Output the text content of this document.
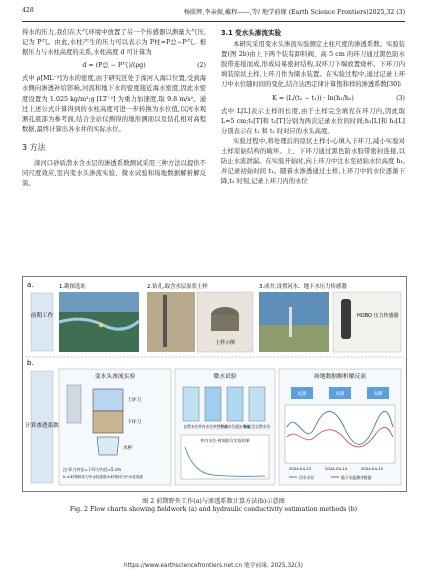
428	杨朕辉,李亲振,戴程——,等/ 地学前缘 (Earth Science Frontiers)2025,32 (3)

得水的压力,我们在大气环境中放置了另一个传感器以测量大气压,记为 P气。由此,水柱产生的压力可以表示为 P柱=P总−P气。根据压力与水柱高度的关系,水柱高度 d 可计算为

d = (P总 − P气)/(ρg)	(2)

式中 ρ[ML⁻³]为水的密度,由于研究区处于滦河入海口位置,受到海水侧向渗透补给影响,河流和地下水的密度接近海水密度,因此水密度设置为 1.025 kg/m³;g [LT⁻²] 为重力加速度,取 9.8 m/s²。通过上述公式计算得到的水柱高度可进一步转换为水位值,以河水观测孔底部为参考面,结合全站仪测得的地形测面以及钻孔相对高程数据,最终计算出各水井的实际水位。

3 方法

滦河口砂质潜水含水层的渗透系数测试采用三种方法以提供不同尺度效应,室内变水头渗流实验、微水试验和场地数据解析解反演。

3.1 变水头渗流实验

本研究采用变水头渗流实验测定土柱尺度的渗透系数。实验装置(图 2b)由上下两个装有卸料阀、高 5 cm 的环刀通过黑色防水胶带连接而成,形成局易密封结构,双环刀下端放置烧杯。下环刀内填装原状土样,上环刀作为储水装置。在实验过程中,通过记录上环刀中水位随时间的变化,结合达西定律计算饱和样的渗透系数[30]:

K = (L/(t₂ − t₁)) · ln(h₁/h₂)	(3)

式中 L[L]表示土样的长度,由于土样完全填充在环刀内,因此取 L=5 cm;t₁[T]和 t₂[T]分别为两次记录水位的时间;h₁[L]和 h₂[L]分别表示在 t₁ 和 t₂ 时对应的水头高度。

实验过程中,将处理后的原状土样小心填入下环刀,减小实验对土样原始结构的破坏。上、下环刀通过黑色防水胶带密封连接,以防止水流泄漏。在实验开始时,向上环刀中注水至初始水位高度 h₁,并记录初始时间 t₁。随着水渗透通过土样,上环刀中的水位逐渐下降,t₂ 时刻,记录上环刀内的水位

a.
b.
前期工作
1.勘探选址	2.钻孔,取含水层原状土样	3.成井,设置河水、地下水压力传感器
土样示例
HOBO 压力传感器
计算渗透系数
变水头渗流实验	微水试验	场地数据解析解反演
上环刀
下环刀
水杯
注:环刀外径=下环刀内径=5 cm
h₁:t₁时刻时环刀中水柱高度;t₂时刻环刀中水柱高度
自然水位 井内水位突然升高
井内水位逐步恢复
恢复至自然水位
井内水位-时间拟合实验结果
低潮	高潮	高潮
2024-04-13	2024-04-14	2024-04-15
河水水位	地下水监测井数据
图 2 前期野外工作(a)与渗透系数计算方法(b)示意图
Fig. 2 Flow charts showing fieldwork (a) and hydraulic conductivity estimation methods (b)
https://www.earthsciencefrontiers.net.cn 地学前缘, 2025,32(3)
